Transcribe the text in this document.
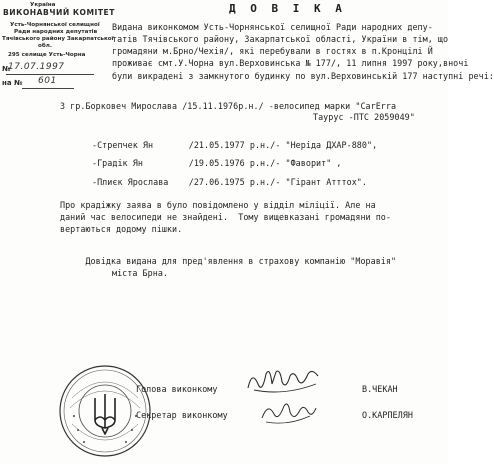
Україна
ВИКОНАВЧИЙ КОМІТЕТ
Усть-Чорнянської селищної
Ради народних депутатів
Тячівського району Закарпатської
обл.
295 селище Усть-Чорна
№
17.07.1997
на № 601
Д О В І К А
Видана виконкомом Усть-Чорнянської селищної Ради народних депу-
татів Тячівського району, Закарпатської області, України в тім, що
громадяни м.Брно/Чехія/, які перебували в гостях в п.Кронцілі Й
проживає смт.У.Чорна вул.Верховинська № 177/, 11 липня 1997 року,вночі
були викрадені з замкнутого будинку по вул.Верховинській 177 наступні речі:
З гр.Борковеч Мирослава /15.11.1976р.н./ -велосипед марки "CarErra
Taypyc -ПТС 2059049"
-Стрепчек Ян       /21.05.1977 р.н./- "Неріда ДХАР-880",
-Градік Ян         /19.05.1976 р.н./- "Фаворит" ,
-Плиєк Ярослава    /27.06.1975 р.н./- "Гірант Атттох".
Про крадіжку заява в було повідомлено у відділ міліції. Але на
даний час велосипеди не знайдені.  Тому вищевказані громадяни по-
вертаються додому пішки.
Довідка видана для пред'явлення в страхову компанію "Моравія"
міста Брна.
Голова виконкому	В.ЧЕКАН
Секретар виконкому	О.КАРПЕЛЯН
